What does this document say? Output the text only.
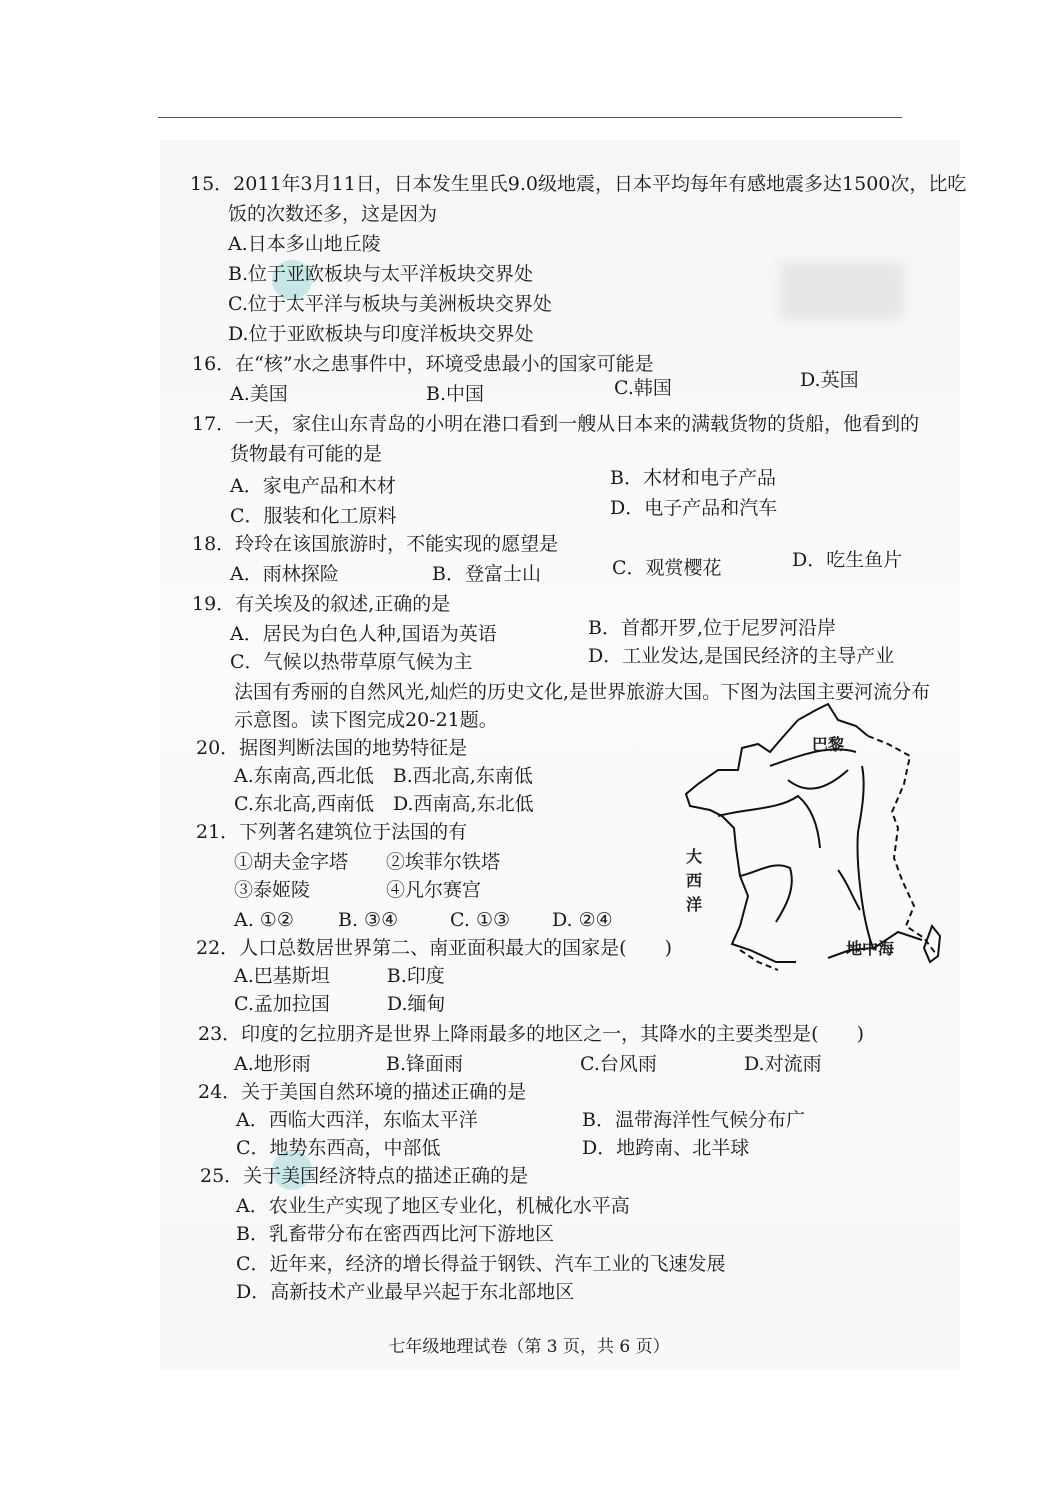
15．2011年3月11日，日本发生里氏9.0级地震，日本平均每年有感地震多达1500次，比吃
饭的次数还多，这是因为
A.日本多山地丘陵
B.位于亚欧板块与太平洋板块交界处
C.位于太平洋与板块与美洲板块交界处
D.位于亚欧板块与印度洋板块交界处
16．在“核”水之患事件中，环境受患最小的国家可能是
A.美国	B.中国	C.韩国	D.英国
17．一天，家住山东青岛的小明在港口看到一艘从日本来的满载货物的货船，他看到的
货物最有可能的是
A．家电产品和木材	B．木材和电子产品
C．服装和化工原料	D．电子产品和汽车
18．玲玲在该国旅游时，不能实现的愿望是
A．雨林探险	B．登富士山	C．观赏樱花	D．吃生鱼片
19．有关埃及的叙述,正确的是
A．居民为白色人种,国语为英语	B．首都开罗,位于尼罗河沿岸
C．气候以热带草原气候为主	D．工业发达,是国民经济的主导产业
法国有秀丽的自然风光,灿烂的历史文化,是世界旅游大国。下图为法国主要河流分布
示意图。读下图完成20-21题。
20．据图判断法国的地势特征是
A.东南高,西北低　B.西北高,东南低
C.东北高,西南低　D.西南高,东北低
21．下列著名建筑位于法国的有
①胡夫金字塔　　②埃菲尔铁塔
③泰姬陵　　　　④凡尔赛宫
A. ①② B. ③④	C. ①③ D. ②④
22．人口总数居世界第二、南亚面积最大的国家是(　　)
A.巴基斯坦　　　B.印度
C.孟加拉国　　　D.缅甸
23．印度的乞拉朋齐是世界上降雨最多的地区之一，其降水的主要类型是(　　)
A.地形雨	B.锋面雨	C.台风雨	D.对流雨
24．关于美国自然环境的描述正确的是
A．西临大西洋，东临太平洋	B．温带海洋性气候分布广
C．地势东西高，中部低	D．地跨南、北半球
25．关于美国经济特点的描述正确的是
A．农业生产实现了地区专业化，机械化水平高
B．乳畜带分布在密西西比河下游地区
C．近年来，经济的增长得益于钢铁、汽车工业的飞速发展
D．高新技术产业最早兴起于东北部地区
巴黎
大
西
洋
地中海
七年级地理试卷（第 3 页，共 6 页）
